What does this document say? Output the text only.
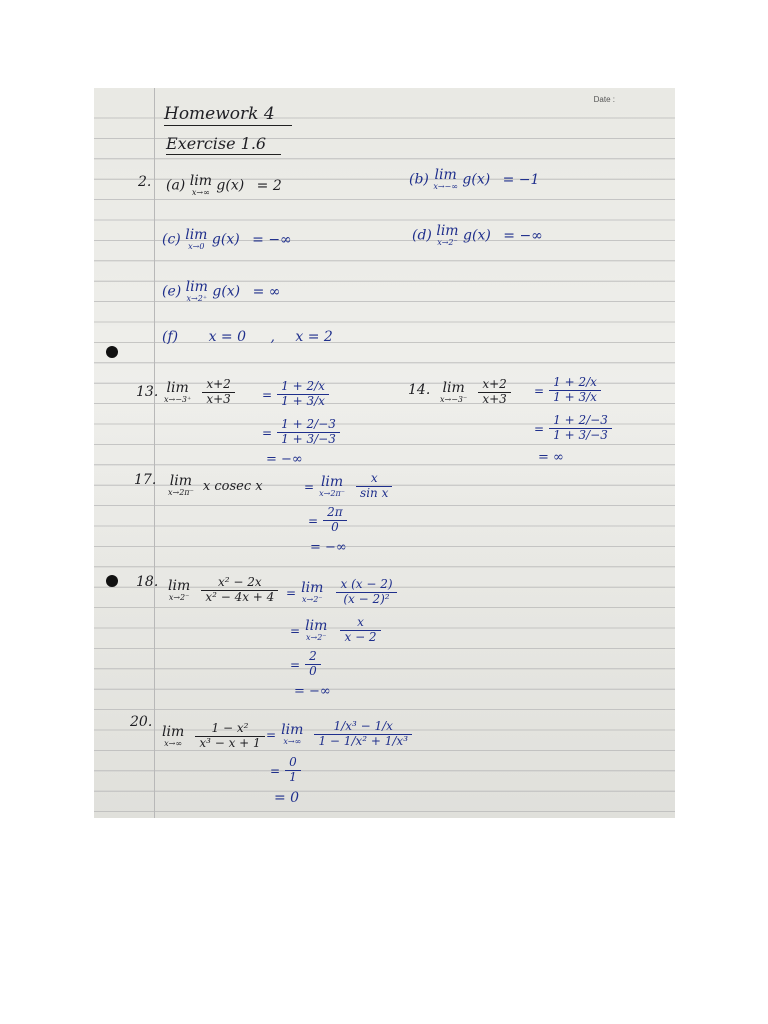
Date :
Homework 4
Exercise 1.6
2. (a) lim
x→∞ g(x) = 2	(b) lim
x→−∞ g(x) = −1
(c) lim
x→0 g(x) = −∞	(d) lim
x→2⁻ g(x) = −∞
(e) lim
x→2⁺ g(x) = ∞
(f) x = 0 , x = 2
13. lim
x→−3⁺
$\frac{x+2}{x+3} = \frac{1 + 2/x}{1 + 3/x}$
= $\frac{1 + 2/-3}{1 + 3/-3}$
= −∞
14. lim
x→−3⁻
$\frac{x+2}{x+3} = \frac{1 + 2/x}{1 + 3/x}$
= $\frac{1 + 2/-3}{1 + 3/-3}$
= ∞
17. lim
x→2π⁻ x cosec x	= lim
x→2π⁻
$\frac{x}{\text{sin x}}$
= $\frac{2\pi}{0}$
= −∞
18. lim
x→2⁻
$\frac{\text{x² − 2x}}{\text{x² − 4x + 4}} = \lim$
x→2⁻
$\frac{x (x - 2)}{\text{(x − 2)²}}$
= lim
x→2⁻
$\frac{x}{x - 2}$
= $\frac{2}{0}$
= −∞
20.
lim
x→∞
$\frac{\text{1 − x²}}{\text{x³ − x + 1}} = \lim$
x→∞
$\frac{\text{1/x³ − 1/x}}{\text{1 − 1/x² + 1/x³}}$
= $\frac{0}{1}$
= 0
